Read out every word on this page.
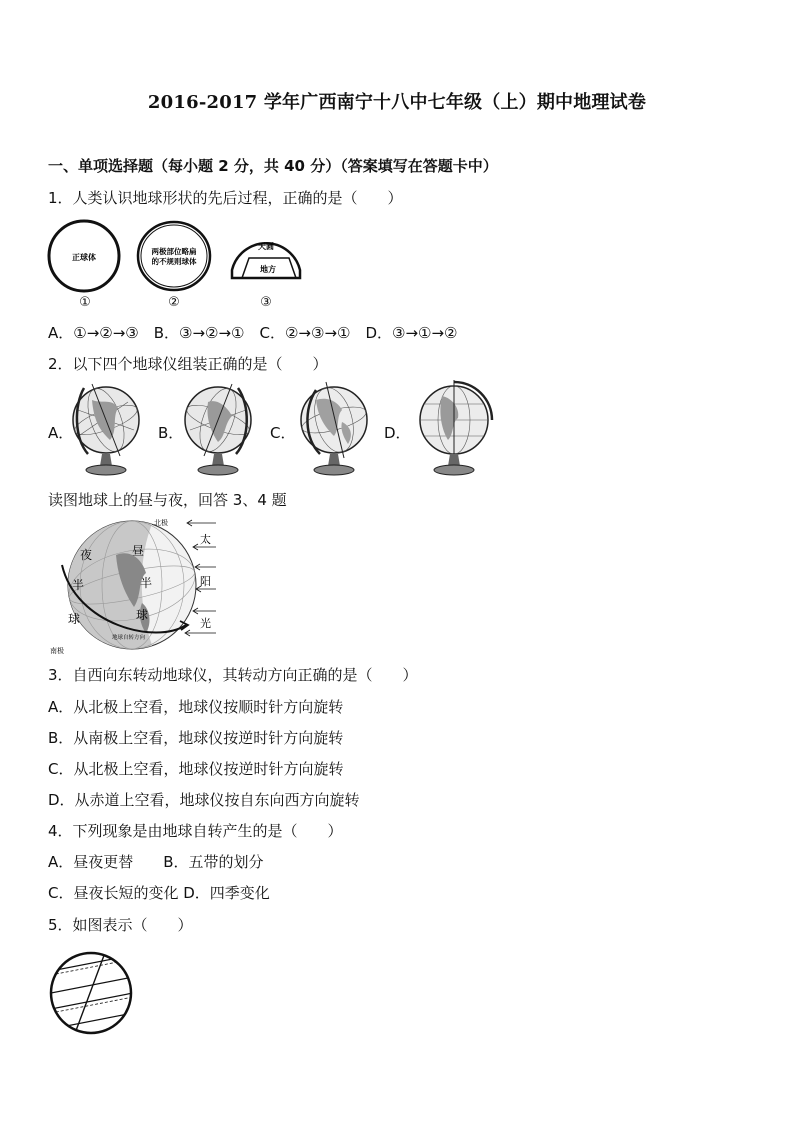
2016-2017 学年广西南宁十八中七年级（上）期中地理试卷
一、单项选择题（每小题 2 分，共 40 分）（答案填写在答题卡中）
1．人类认识地球形状的先后过程，正确的是（　　）
正球体
两极部位略扁
的不规则球体
天圆
地方
①	②	③
A．①→②→③　B．③→②→①　C．②→③→①　D．③→①→②
2．以下四个地球仪组装正确的是（　　）
A．	B．	C．	D．
读图地球上的昼与夜，回答 3、4 题
北极
南极
夜
半
球
昼
半
球
地球自转方向
太
阳
光
3．自西向东转动地球仪，其转动方向正确的是（　　）
A．从北极上空看，地球仪按顺时针方向旋转
B．从南极上空看，地球仪按逆时针方向旋转
C．从北极上空看，地球仪按逆时针方向旋转
D．从赤道上空看，地球仪按自东向西方向旋转
4．下列现象是由地球自转产生的是（　　）
A．昼夜更替　　B．五带的划分
C．昼夜长短的变化 D．四季变化
5．如图表示（　　）
